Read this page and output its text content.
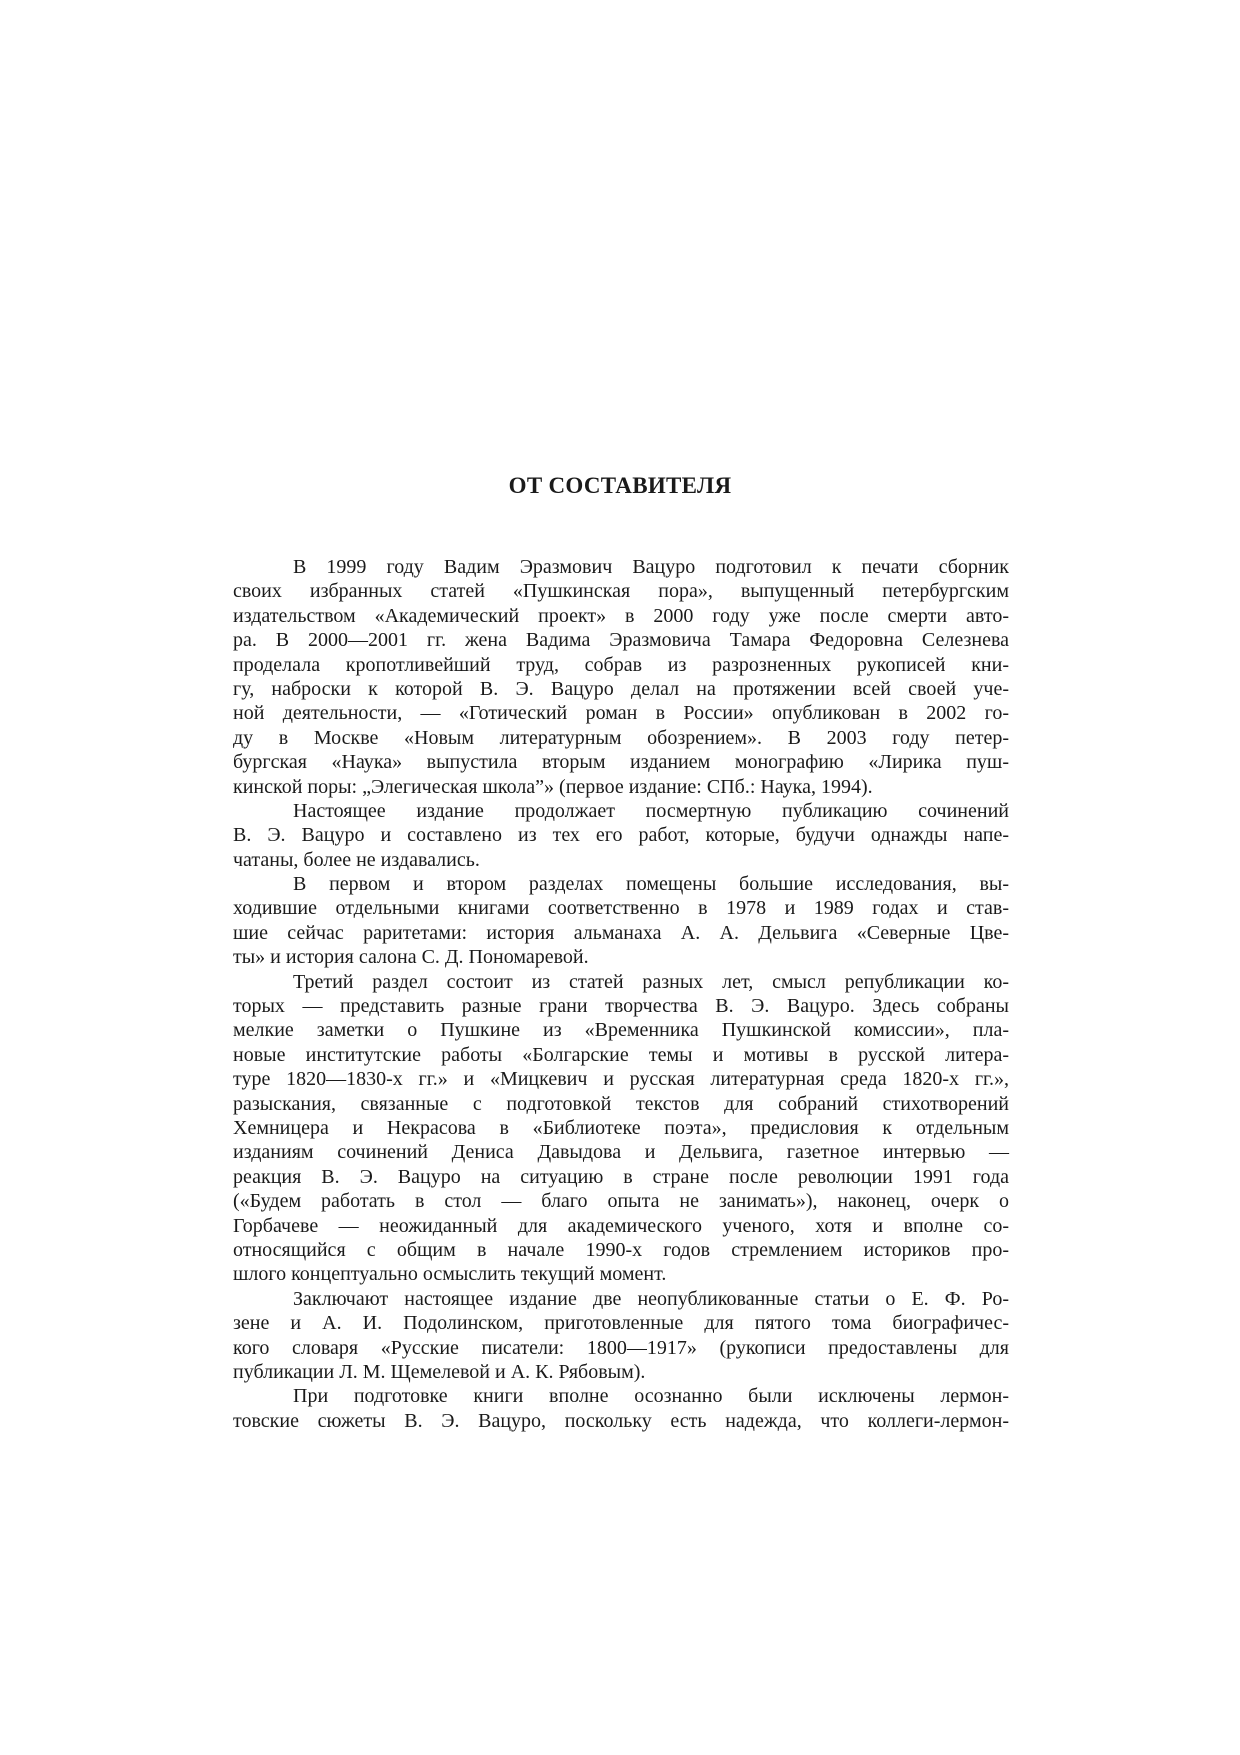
ОТ СОСТАВИТЕЛЯ
В 1999 году Вадим Эразмович Вацуро подготовил к печати сборник
своих избранных статей «Пушкинская пора», выпущенный петербургским
издательством «Академический проект» в 2000 году уже после смерти авто-
ра. В 2000—2001 гг. жена Вадима Эразмовича Тамара Федоровна Селезнева
проделала кропотливейший труд, собрав из разрозненных рукописей кни-
гу, наброски к которой В. Э. Вацуро делал на протяжении всей своей уче-
ной деятельности, — «Готический роман в России» опубликован в 2002 го-
ду в Москве «Новым литературным обозрением». В 2003 году петер-
бургская «Наука» выпустила вторым изданием монографию «Лирика пуш-
кинской поры: „Элегическая школа”» (первое издание: СПб.: Наука, 1994).
Настоящее издание продолжает посмертную публикацию сочинений
В. Э. Вацуро и составлено из тех его работ, которые, будучи однажды напе-
чатаны, более не издавались.
В первом и втором разделах помещены большие исследования, вы-
ходившие отдельными книгами соответственно в 1978 и 1989 годах и став-
шие сейчас раритетами: история альманаха А. А. Дельвига «Северные Цве-
ты» и история салона С. Д. Пономаревой.
Третий раздел состоит из статей разных лет, смысл републикации ко-
торых — представить разные грани творчества В. Э. Вацуро. Здесь собраны
мелкие заметки о Пушкине из «Временника Пушкинской комиссии», пла-
новые институтские работы «Болгарские темы и мотивы в русской литера-
туре 1820—1830-х гг.» и «Мицкевич и русская литературная среда 1820-х гг.»,
разыскания, связанные с подготовкой текстов для собраний стихотворений
Хемницера и Некрасова в «Библиотеке поэта», предисловия к отдельным
изданиям сочинений Дениса Давыдова и Дельвига, газетное интервью —
реакция В. Э. Вацуро на ситуацию в стране после революции 1991 года
(«Будем работать в стол — благо опыта не занимать»), наконец, очерк о
Горбачеве — неожиданный для академического ученого, хотя и вполне со-
относящийся с общим в начале 1990-х годов стремлением историков про-
шлого концептуально осмыслить текущий момент.
Заключают настоящее издание две неопубликованные статьи о Е. Ф. Ро-
зене и А. И. Подолинском, приготовленные для пятого тома биографичес-
кого словаря «Русские писатели: 1800—1917» (рукописи предоставлены для
публикации Л. М. Щемелевой и А. К. Рябовым).
При подготовке книги вполне осознанно были исключены лермон-
товские сюжеты В. Э. Вацуро, поскольку есть надежда, что коллеги-лермон-
